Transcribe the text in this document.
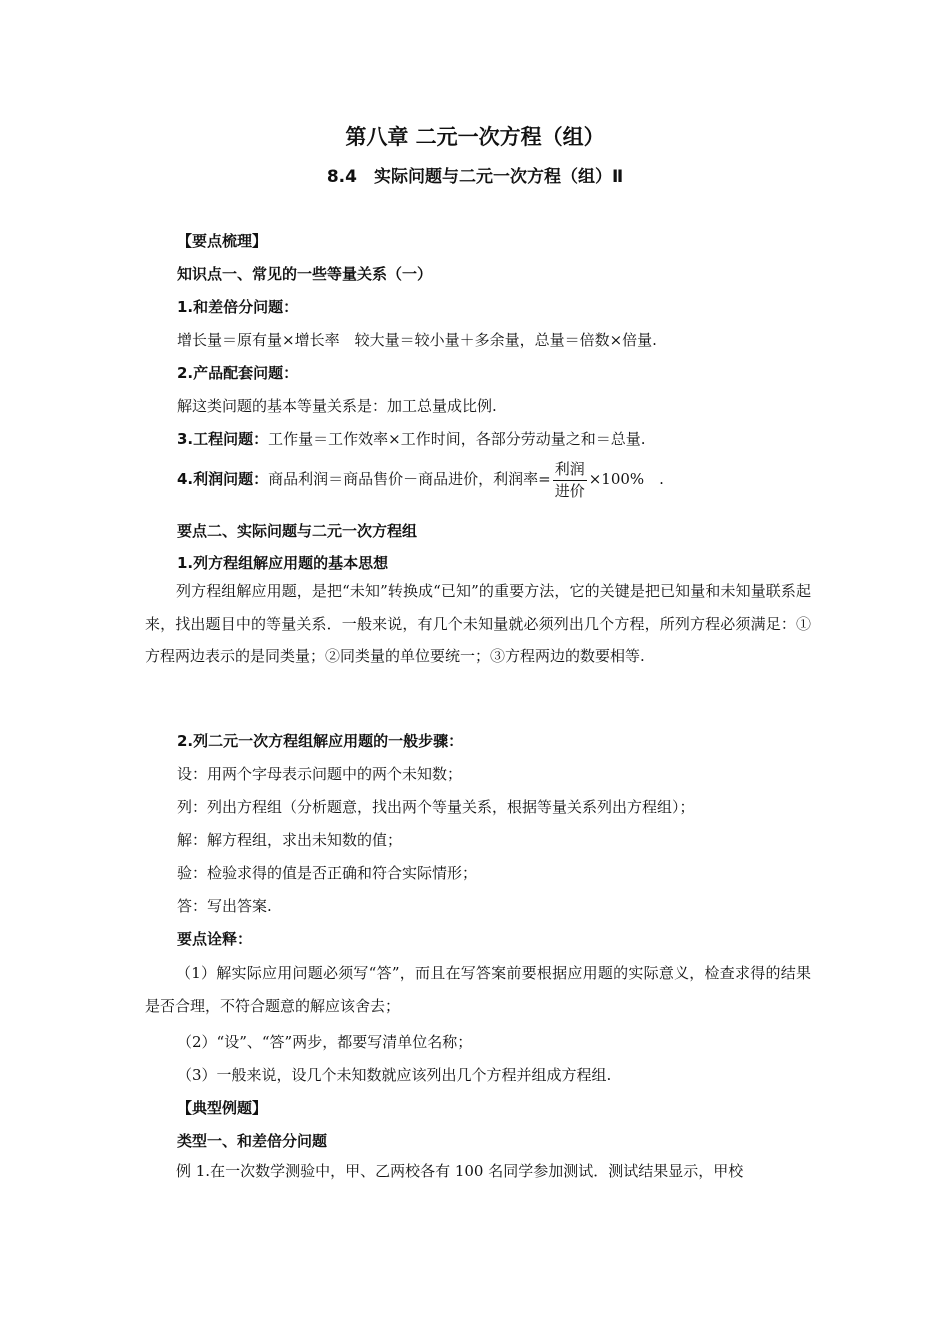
第八章 二元一次方程（组）
8.4　实际问题与二元一次方程（组）Ⅱ
【要点梳理】
知识点一、常见的一些等量关系（一）
1.和差倍分问题：
增长量＝原有量×增长率　较大量＝较小量＋多余量，总量＝倍数×倍量.
2.产品配套问题：
解这类问题的基本等量关系是：加工总量成比例.
3.工程问题：工作量＝工作效率×工作时间，各部分劳动量之和＝总量.
4.利润问题：商品利润＝商品售价－商品进价，利润率= $\frac{\text{利润}}{\text{进价}} \times 100\%$　.
要点二、实际问题与二元一次方程组
1.列方程组解应用题的基本思想
列方程组解应用题，是把“未知”转换成“已知”的重要方法，它的关键是把已知量和未知量联系起来，找出题目中的等量关系．一般来说，有几个未知量就必须列出几个方程，所列方程必须满足：①方程两边表示的是同类量；②同类量的单位要统一；③方程两边的数要相等.
2.列二元一次方程组解应用题的一般步骤：
设：用两个字母表示问题中的两个未知数；
列：列出方程组（分析题意，找出两个等量关系，根据等量关系列出方程组）；
解：解方程组，求出未知数的值；
验：检验求得的值是否正确和符合实际情形；
答：写出答案.
要点诠释：
（1）解实际应用问题必须写“答”，而且在写答案前要根据应用题的实际意义，检查求得的结果是否合理，不符合题意的解应该舍去；
（2）“设”、“答”两步，都要写清单位名称；
（3）一般来说，设几个未知数就应该列出几个方程并组成方程组.
【典型例题】
类型一、和差倍分问题
例 1.在一次数学测验中，甲、乙两校各有 100 名同学参加测试．测试结果显示，甲校
